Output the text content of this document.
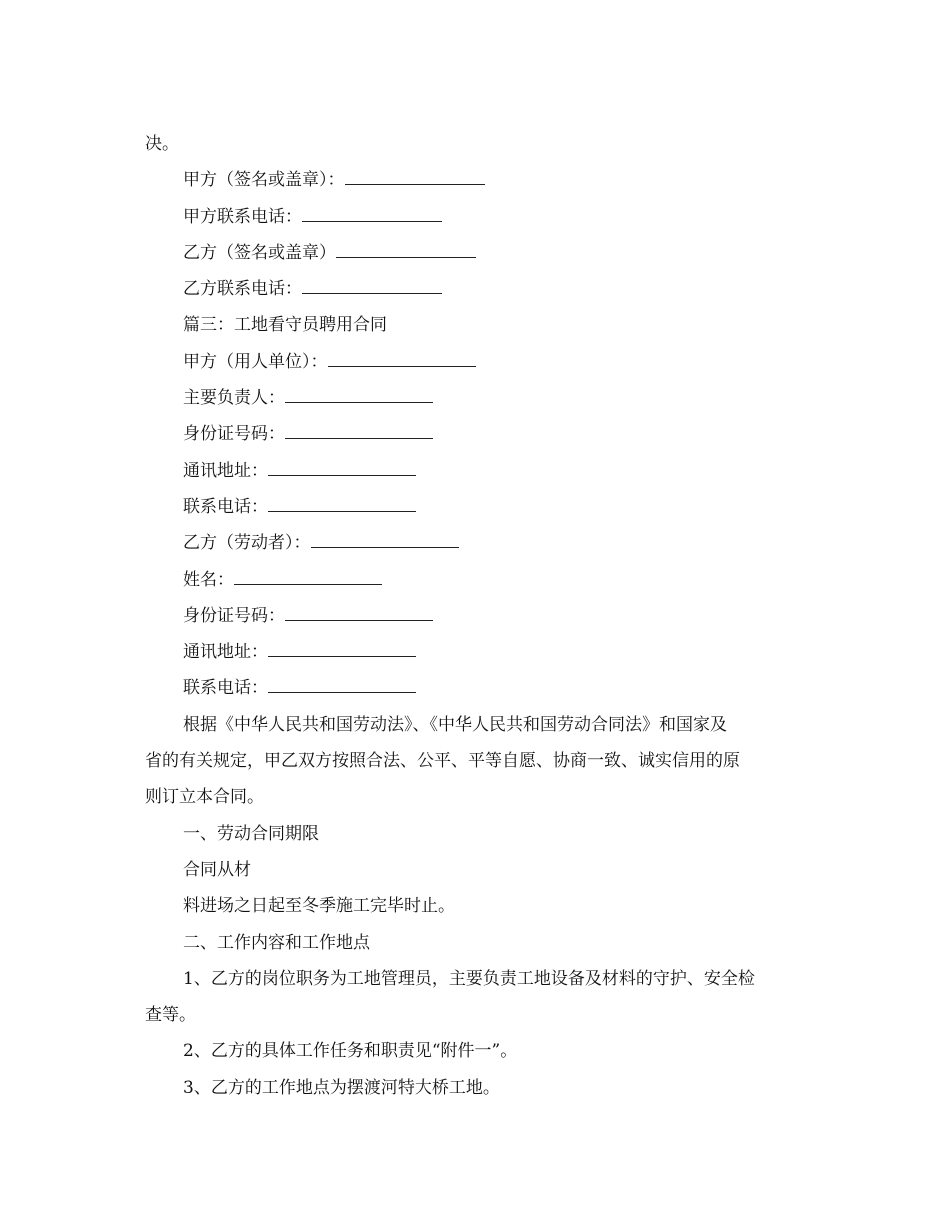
决。
甲方（签名或盖章）：
甲方联系电话：
乙方（签名或盖章）
乙方联系电话：
篇三：工地看守员聘用合同
甲方（用人单位）：
主要负责人：
身份证号码：
通讯地址：
联系电话：
乙方（劳动者）：
姓名：
身份证号码：
通讯地址：
联系电话：
根据《中华人民共和国劳动法》、《中华人民共和国劳动合同法》和国家及
省的有关规定，甲乙双方按照合法、公平、平等自愿、协商一致、诚实信用的原
则订立本合同。
一、劳动合同期限
合同从材
料进场之日起至冬季施工完毕时止。
二、工作内容和工作地点
1、乙方的岗位职务为工地管理员，主要负责工地设备及材料的守护、安全检
查等。
2、乙方的具体工作任务和职责见“附件一”。
3、乙方的工作地点为摆渡河特大桥工地。
